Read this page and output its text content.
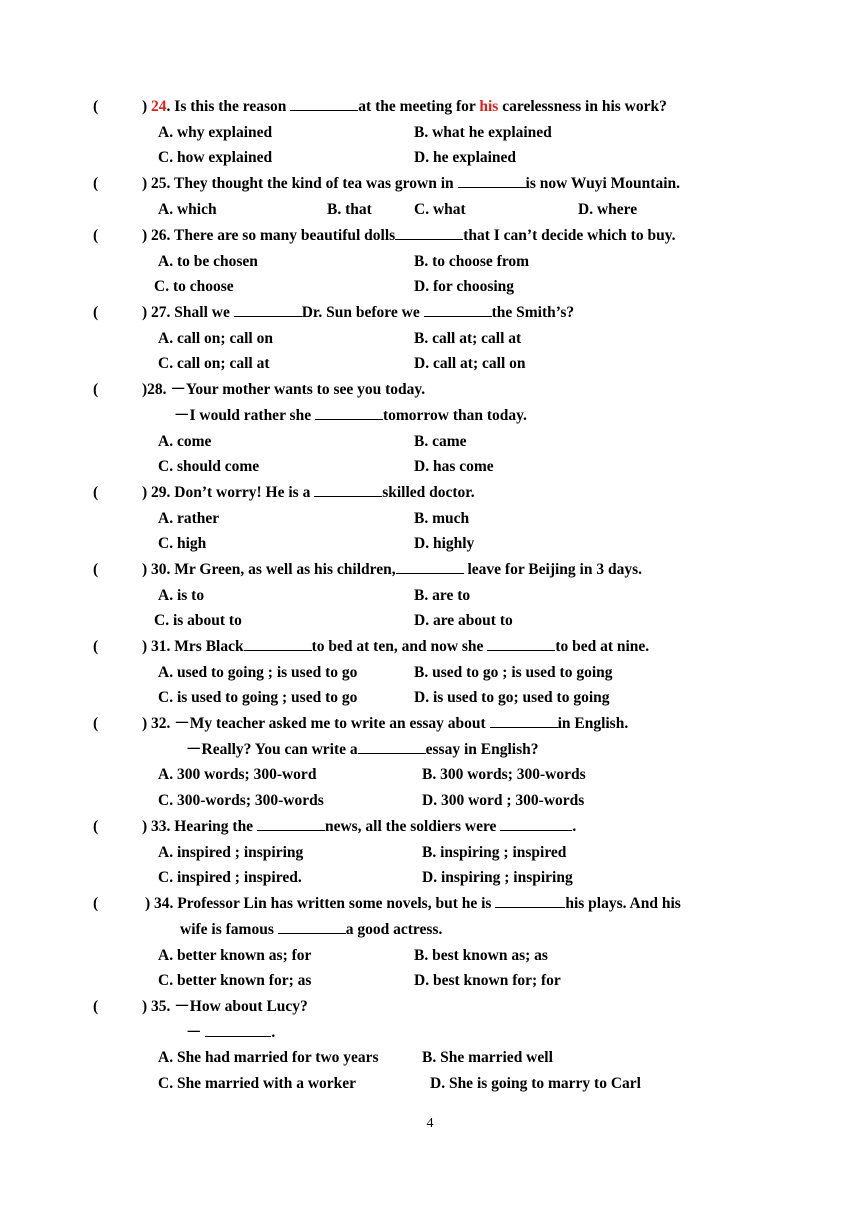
(	) 24. Is this the reason	at the meeting for his carelessness in his work?
A. why explained	B. what he explained
C. how explained	D. he explained
(	) 25. They thought the kind of tea was grown in	is now Wuyi Mountain.
A. which	B. that	C. what	D. where
(	) 26. There are so many beautiful dolls	that I can’t decide which to buy.
A. to be chosen	B. to choose from
C. to choose	D. for choosing
(	) 27. Shall we	Dr. Sun before we	the Smith’s?
A. call on; call on	B. call at; call at
C. call on; call at	D. call at; call on
(	)28. －Your mother wants to see you today.
－I would rather she	tomorrow than today.
A. come	B. came
C. should come	D. has come
(	) 29. Don’t worry! He is a	skilled doctor.
A. rather	B. much
C. high	D. highly
(	) 30. Mr Green, as well as his children,	leave for Beijing in 3 days.
A. is to	B. are to
C. is about to	D. are about to
(	) 31. Mrs Black	to bed at ten, and now she	to bed at nine.
A. used to going ; is used to go	B. used to go ; is used to going
C. is used to going ; used to go	D. is used to go; used to going
(	) 32. －My teacher asked me to write an essay about	in English.
－Really? You can write a	essay in English?
A. 300 words; 300-word	B. 300 words; 300-words
C. 300-words; 300-words	D. 300 word ; 300-words
(	) 33. Hearing the	news, all the soldiers were	.
A. inspired ; inspiring	B. inspiring ; inspired
C. inspired ; inspired.	D. inspiring ; inspiring
(	) 34. Professor Lin has written some novels, but he is	his plays. And his
wife is famous	a good actress.
A. better known as; for	B. best known as; as
C. better known for; as	D. best known for; for
(	) 35. －How about Lucy?
－	.
A. She had married for two years	B. She married well
C. She married with a worker	D. She is going to marry to Carl
4
